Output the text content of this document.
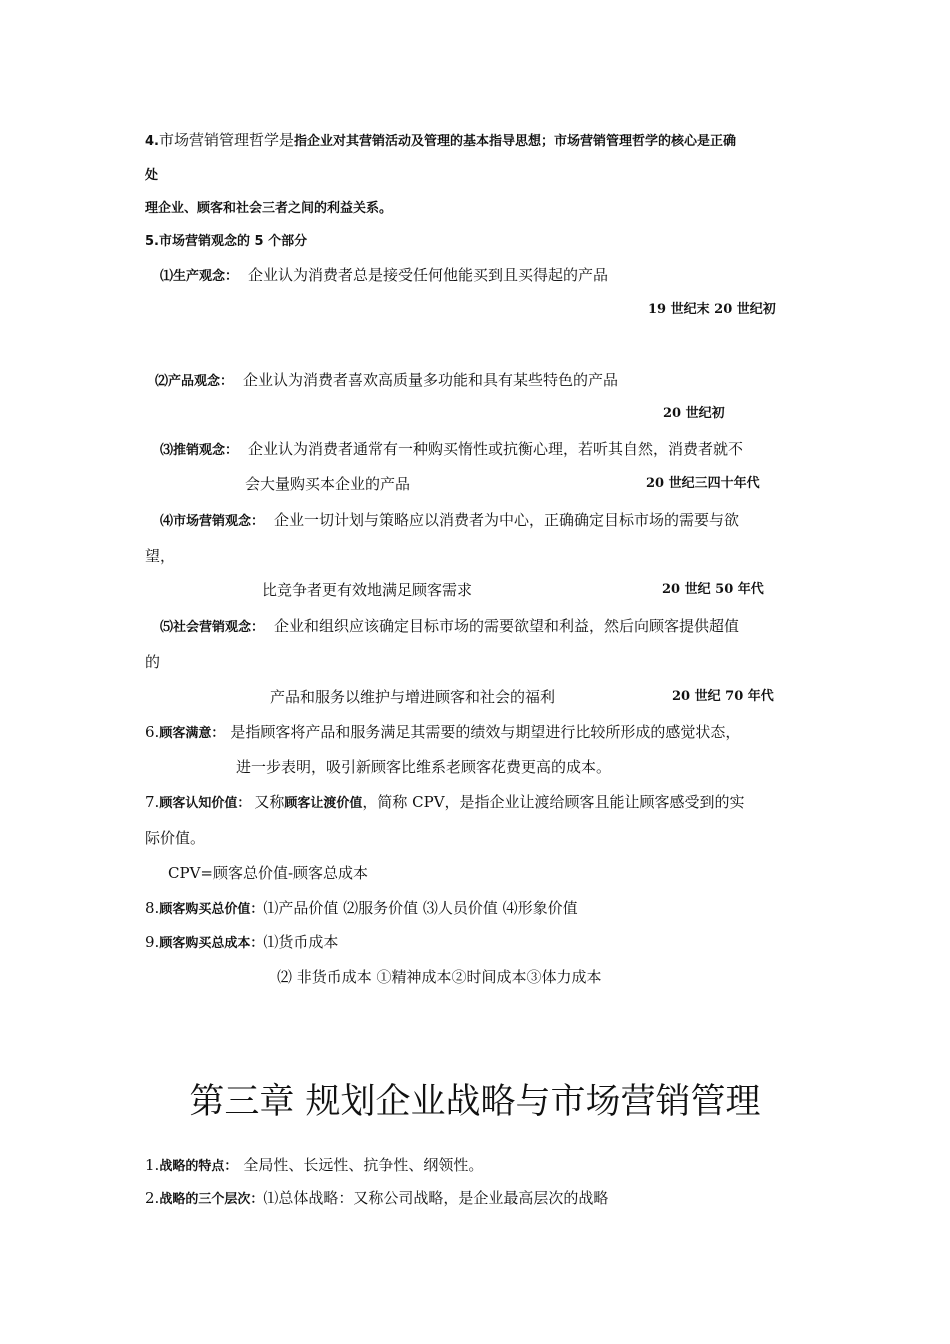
4.市场营销管理哲学是指企业对其营销活动及管理的基本指导思想；市场营销管理哲学的核心是正确
处
理企业、顾客和社会三者之间的利益关系。
5.市场营销观念的 5 个部分
⑴生产观念： 企业认为消费者总是接受任何他能买到且买得起的产品
19 世纪末 20 世纪初
⑵产品观念： 企业认为消费者喜欢高质量多功能和具有某些特色的产品
20 世纪初
⑶推销观念： 企业认为消费者通常有一种购买惰性或抗衡心理，若听其自然，消费者就不
会大量购买本企业的产品	20 世纪三四十年代
⑷市场营销观念： 企业一切计划与策略应以消费者为中心，正确确定目标市场的需要与欲
望，
比竞争者更有效地满足顾客需求	20 世纪 50 年代
⑸社会营销观念： 企业和组织应该确定目标市场的需要欲望和利益，然后向顾客提供超值
的
产品和服务以维护与增进顾客和社会的福利	20 世纪 70 年代
6.顾客满意： 是指顾客将产品和服务满足其需要的绩效与期望进行比较所形成的感觉状态，
进一步表明，吸引新顾客比维系老顾客花费更高的成本。
7.顾客认知价值： 又称顾客让渡价值，简称 CPV，是指企业让渡给顾客且能让顾客感受到的实
际价值。
CPV=顾客总价值-顾客总成本
8.顾客购买总价值：⑴产品价值 ⑵服务价值 ⑶人员价值 ⑷形象价值
9.顾客购买总成本：⑴货币成本
⑵ 非货币成本 ①精神成本②时间成本③体力成本
第三章 规划企业战略与市场营销管理
1.战略的特点： 全局性、长远性、抗争性、纲领性。
2.战略的三个层次：⑴总体战略：又称公司战略，是企业最高层次的战略
